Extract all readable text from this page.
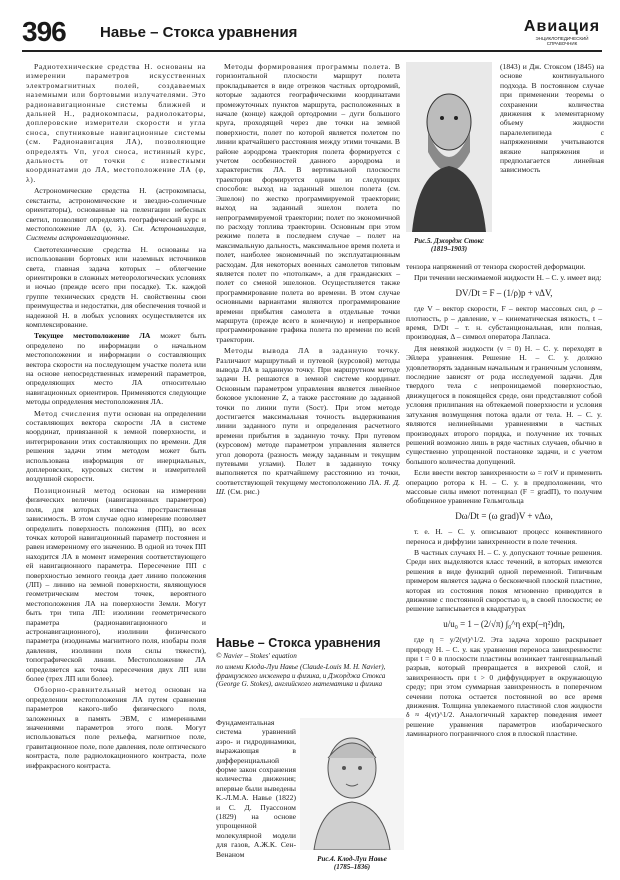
396 Навье – Стокса уравнения	Авиация
ЭНЦИКЛОПЕДИЧЕСКИЙ СПРАВОЧНИК

Радиотехнические средства Н. основаны на измерении параметров искусственных электромагнитных полей, создаваемых наземными или бортовыми излучателями. Это радионавигационные системы ближней и дальней Н., радиокомпасы, радиолокаторы, доплеровские измерители скорости и угла сноса, спутниковые навигационные системы (см. Радионавигация ЛА), позволяющие определять Vп, угол сноса, истинный курс, дальность от точки с известными координатами до ЛА, местоположение ЛА (φ, λ).

Астрономические средства Н. (астрокомпасы, секстанты, астрономические и звездно-солнечные ориентаторы), основанные на пеленгации небесных светил, позволяют определять географический курс и местоположение ЛА (φ, λ). См. Астронавигация, Системы астронавигационные.

Светотехнические средства Н. основаны на использовании бортовых или наземных источников света, главная задача которых – облегчение ориентировки в сложных метеорологических условиях и ночью (прежде всего при посадке). Т.к. каждой группе технических средств Н. свойственны свои преимущества и недостатки, для обеспечения точной и надежной Н. в любых условиях осуществляется их комплексирование.

Текущее местоположение ЛА может быть определено по информации о начальном местоположении и информации о составляющих вектора скорости на последующем участке полета или на основе непосредственных измерений параметров, определяющих место ЛА относительно навигационных ориентиров. Применяются следующие методы определения местоположения ЛА.

Метод счисления пути основан на определении составляющих вектора скорости ЛА в системе координат, привязанной к земной поверхности, и интегрировании этих составляющих по времени. Для решения задачи этим методом может быть использована информация от инерциальных, доплеровских, курсовых систем и измерителей воздушной скорости.

Позиционный метод основан на измерении физических величин (навигационных параметров) поля, для которых известна пространственная зависимость. В этом случае одно измерение позволяет определить поверхность положения (ПП), во всех точках которой навигационный параметр постоянен и равен измеренному его значению. В одной из точек ПП находится ЛА в момент измерения соответствующего ей навигационного параметра. Пересечение ПП с поверхностью земного геоида дает линию положения (ЛП) – линию на земной поверхности, являющуюся геометрическим местом точек, вероятного местоположения ЛА на поверхности Земли. Могут быть три типа ЛП: изолинии геометрического параметра (радионавигационного и астронавигационного), изолинии физического параметра (изодинамы магнитного поля, изобары поля давления, изолинии поля силы тяжести), топографической линии. Местоположение ЛА определяется как точка пересечения двух ЛП или более (трех ЛП или более).

Обзорно-сравнительный метод основан на определении местоположения ЛА путем сравнения параметров какого-либо физического поля, заложенных в память ЭВМ, с измеренными значениями параметров этого поля. Могут использоваться поле рельефа, магнитное поле, гравитационное поле, поле давления, поле оптического контраста, поле радиолокационного контраста, поле инфракрасного контраста.

Методы формирования программы полета. В горизонтальной плоскости маршрут полета прокладывается в виде отрезков частных ортодромий, которые задаются географическими координатами промежуточных пунктов маршрута, расположенных в начале (конце) каждой ортодромии – дуги большого круга, проходящей через две точки на земной поверхности, полет по которой является полетом по линии кратчайшего расстояния между этими точками. В районе аэродрома траектория полета формируется с учетом особенностей данного аэродрома и характеристик ЛА. В вертикальной плоскости траектория формируется одним из следующих способов: выход на заданный эшелон полета (см. Эшелон) по жестко программируемой траектории; выход на заданный эшелон полета по непрограммируемой траектории; полет по экономичной по расходу топлива траектории. Основным при этом режиме полета в последнем случае – полет на максимальную дальность, максимальное время полета и полет, наиболее экономичный по эксплуатационным расходам. Для некоторых военных самолетов типовым является полет по «потолкам», а для гражданских – полет со сменой эшелонов. Осуществляется также программирование полета во времени. В этом случае основными вариантами являются программирование времени прибытия самолета в отдельные точки маршрута (прежде всего в конечную) и непрерывное программирование графика полета по времени по всей траектории.

Методы вывода ЛА в заданную точку. Различают маршрутный и путевой (курсовой) методы вывода ЛА в заданную точку. При маршрутном методе задачи Н. решаются в земной системе координат. Основным параметром управления является линейное боковое уклонение Z, а также расстояние до заданной точки по линии пути (Sост). При этом методе достигается максимальная точность выдерживания линии заданного пути и определения расчетного времени прибытия в заданную точку. При путевом (курсовом) методе параметром управления является угол доворота (разность между заданным и текущим путевыми углами). Полет в заданную точку выполняется по кратчайшему расстоянию из точки, соответствующей текущему местоположению ЛА. Я. Д. Ш. (См. рис.)

Навье – Стокса уравнения
© Navier – Stokes' equation
по имени Клода-Луи Навье (Claude-Louis M. H. Navier), французского инженера и физика, и Джорджа Стокса (George G. Stokes), английского математика и физика
Фундаментальная система уравнений аэро- и гидродинамики, выражающая в дифференциальной форме закон сохранения количества движения; впервые были выведены К.-Л.М.А. Навье (1822) и С. Д. Пуассоном (1829) на основе упрощенной молекулярной модели для газов, А.Ж.К. Сен-Венаном
Рис.4. Клод-Луи Навье
(1785–1836)
Рис.5. Джордж Стокс
(1819–1903)
(1843) и Дж. Стоксом (1845) на основе континуального подхода. В постоянном случае при применении теоремы о сохранении количества движения к элементарному объему жидкости паралелепипеда с напряжениями учитываются вязкие напряжения и предполагается линейная зависимость

тензора напряжений от тензора скоростей деформации.

При течении несжимаемой жидкости Н. – С. у. имеет вид:

DV/Dt = F – (1/ρ)p + νΔV,

где V – вектор скорости, F – вектор массовых сил, ρ – плотность, p – давление, ν – кинематическая вязкость, t – время, D/Dt – т. н. субстанциональная, или полная, производная, Δ – символ оператора Лапласа.

Для невязкой жидкости (ν = 0) Н. – С. у. переходят в Эйлера уравнения. Решение Н. – С. у. должно удовлетворять заданным начальным и граничным условиям, последние зависят от рода исследуемой задачи. Для твердого тела с непроницаемой поверхностью, движущегося в покоящейся среде, они представляют собой условия прилипания на обтекаемой поверхности и условия затухания возмущения потока вдали от тела. Н. – С. у. являются нелинейными уравнениями в частных производных второго порядка, и получение их точных решений возможно лишь в ряде частных случаев, обычно в существенно упрощенной постановке задачи, и с учетом большого количества допущений.

Если ввести вектор завихренности ω = rotV и применить операцию ротора к Н. – С. у. в предположении, что массовые силы имеют потенциал (F = gradΠ), то получим обобщенное уравнение Гельмгольца

Dω/Dt = (ω grad)V + νΔω,

т. е. Н. – С. у. описывают процесс конвективного переноса и диффузии завихренности в поле течения.

В частных случаях Н. – С. у. допускают точные решения. Среди них выделяются класс течений, в которых имеются решения в виде функций одной переменной. Типичным примером является задача о бесконечной плоской пластине, которая из состояния покоя мгновенно приводится в движение с постоянной скоростью u₀ в своей плоскости; ее решение записывается в квадратурах

u/u₀ = 1 – (2/√π) ∫₀^η exp(–η²)dη,

где η = y/2(νt)^1/2. Эта задача хорошо раскрывает природу Н. – С. у. как уравнения переноса завихренности: при t = 0 в плоскости пластины возникает тангенциальный разрыв, который превращается в вихревой слой, и завихренность при t > 0 диффундирует в окружающую среду; при этом суммарная завихренность в поперечном сечении потока остается постоянной во все время движения. Толщина увлекаемого пластиной слоя жидкости δ ≈ 4(νt)^1/2. Аналогичный характер поведения имеет решение уравнения параметров изобарического ламинарного пограничного слоя в плоской пластине.
